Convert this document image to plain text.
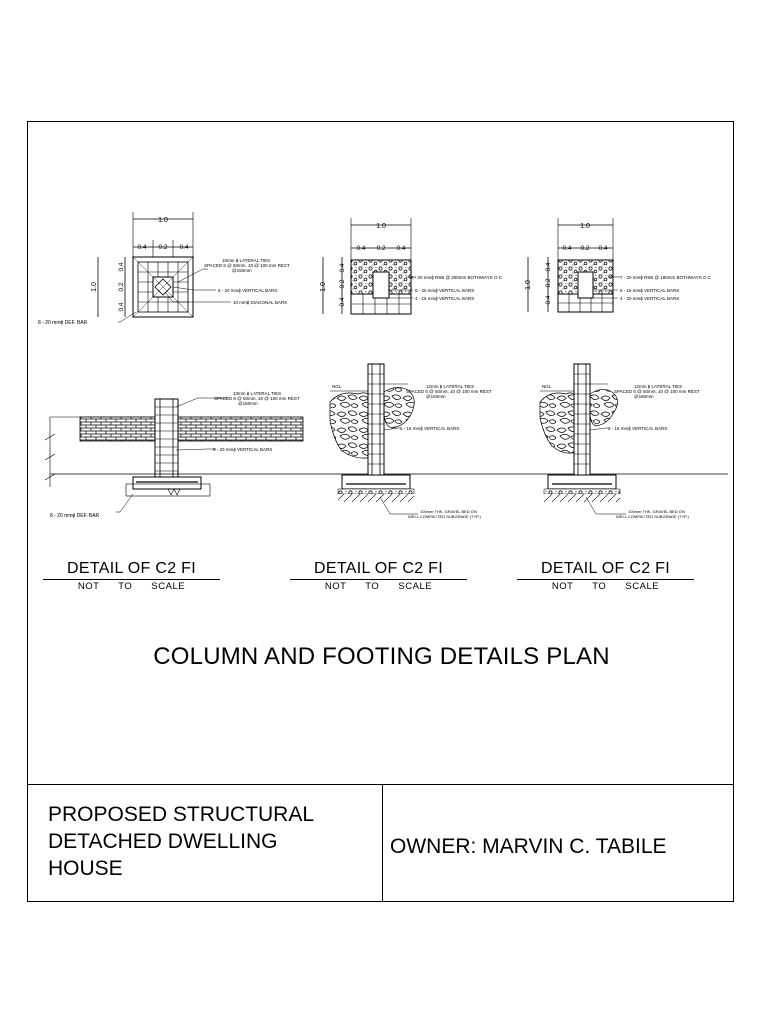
1.0
0.4 0.2 0.4
1.0
0.4
0.2
0.4
10mm ɸ LATERAL TIES
SPACED 6 @ 50mm, 10 @ 100 mm REST
@150mm
6 - 20 mmɸ VERTICAL BARS
10 mmɸ DIAGONAL BARS
8 - 20 mmɸ DEF. BAR
1.0
0.4 0.2 0.4
1.0
0.4
0.2
0.4
8 - 20 mmɸ RSB @ 200mm BOTHWAYS O.C
6 - 20 mmɸ VERTICAL BARS
4 - 16 mmɸ VERTICAL BARS
1.0
0.4 0.2 0.4
1.0
0.4
0.2
0.4
7 - 20 mmɸ RSB @ 180mm BOTHWAYS O.C
6 - 16 mmɸ VERTICAL BARS
4 - 20 mmɸ VERTICAL BARS
10mm ɸ LATERAL TIES
SPACED 6 @ 50mm, 10 @ 100 mm REST
@150mm
6 - 20 mmɸ VERTICAL BARS
8 - 20 mmɸ DEF. BAR
NGL	12mm ɸ LATERAL TIES
SPACED 6 @ 50mm, 10 @ 100 mm REST
@150mm
6 - 16 mmɸ VERTICAL BARS
100mm THK. GRAVEL BED ON
WELL COMPACTED SUBGRADE (TYP.)
NGL	12mm ɸ LATERAL TIES
SPACED 6 @ 50mm, 10 @ 100 mm REST
@180mm
6 - 16 mmɸ VERTICAL BARS
100mm THK. GRAVEL BED ON
WELL COMPACTED SUBGRADE (TYP.)
DETAIL OF C2 FI
NOT TO SCALE
DETAIL OF C2 FI
NOT TO SCALE
DETAIL OF C2 FI
NOT TO SCALE
COLUMN AND FOOTING DETAILS PLAN
PROPOSED STRUCTURAL
DETACHED DWELLING
HOUSE
OWNER: MARVIN C. TABILE
